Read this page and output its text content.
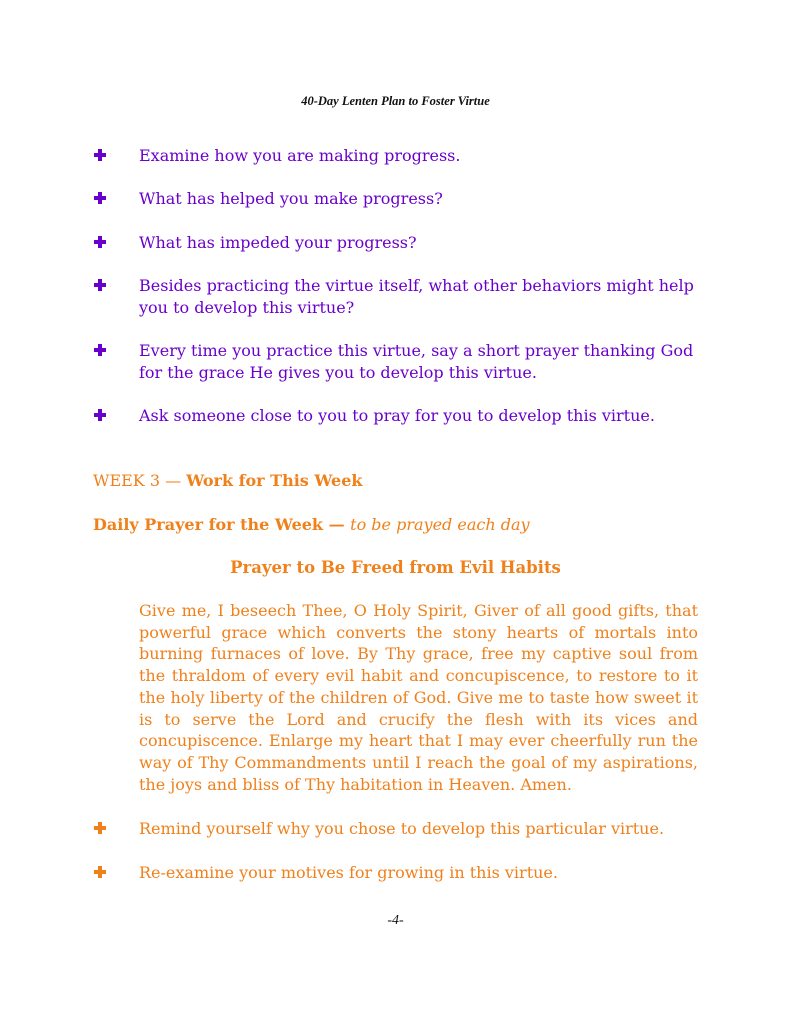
40-Day Lenten Plan to Foster Virtue
Examine how you are making progress.
What has helped you make progress?
What has impeded your progress?
Besides practicing the virtue itself, what other behaviors might help you to develop this virtue?
Every time you practice this virtue, say a short prayer thanking God for the grace He gives you to develop this virtue.
Ask someone close to you to pray for you to develop this virtue.
WEEK 3 — Work for This Week
Daily Prayer for the Week — to be prayed each day
Prayer to Be Freed from Evil Habits
Give me, I beseech Thee, O Holy Spirit, Giver of all good gifts, that powerful grace which converts the stony hearts of mortals into burning furnaces of love. By Thy grace, free my captive soul from the thraldom of every evil habit and concupiscence, to restore to it the holy liberty of the children of God. Give me to taste how sweet it is to serve the Lord and crucify the flesh with its vices and concupiscence. Enlarge my heart that I may ever cheerfully run the way of Thy Commandments until I reach the goal of my aspirations, the joys and bliss of Thy habitation in Heaven. Amen.
Remind yourself why you chose to develop this particular virtue.
Re-examine your motives for growing in this virtue.
-4-
